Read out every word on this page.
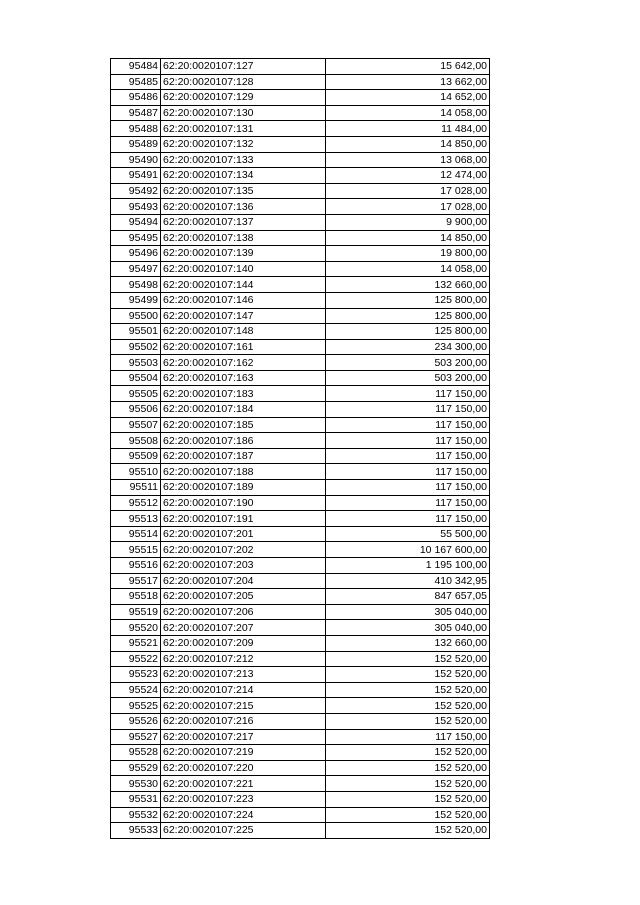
95484	62:20:0020107:127	15 642,00
95485	62:20:0020107:128	13 662,00
95486	62:20:0020107:129	14 652,00
95487	62:20:0020107:130	14 058,00
95488	62:20:0020107:131	11 484,00
95489	62:20:0020107:132	14 850,00
95490	62:20:0020107:133	13 068,00
95491	62:20:0020107:134	12 474,00
95492	62:20:0020107:135	17 028,00
95493	62:20:0020107:136	17 028,00
95494	62:20:0020107:137	9 900,00
95495	62:20:0020107:138	14 850,00
95496	62:20:0020107:139	19 800,00
95497	62:20:0020107:140	14 058,00
95498	62:20:0020107:144	132 660,00
95499	62:20:0020107:146	125 800,00
95500	62:20:0020107:147	125 800,00
95501	62:20:0020107:148	125 800,00
95502	62:20:0020107:161	234 300,00
95503	62:20:0020107:162	503 200,00
95504	62:20:0020107:163	503 200,00
95505	62:20:0020107:183	117 150,00
95506	62:20:0020107:184	117 150,00
95507	62:20:0020107:185	117 150,00
95508	62:20:0020107:186	117 150,00
95509	62:20:0020107:187	117 150,00
95510	62:20:0020107:188	117 150,00
95511	62:20:0020107:189	117 150,00
95512	62:20:0020107:190	117 150,00
95513	62:20:0020107:191	117 150,00
95514	62:20:0020107:201	55 500,00
95515	62:20:0020107:202	10 167 600,00
95516	62:20:0020107:203	1 195 100,00
95517	62:20:0020107:204	410 342,95
95518	62:20:0020107:205	847 657,05
95519	62:20:0020107:206	305 040,00
95520	62:20:0020107:207	305 040,00
95521	62:20:0020107:209	132 660,00
95522	62:20:0020107:212	152 520,00
95523	62:20:0020107:213	152 520,00
95524	62:20:0020107:214	152 520,00
95525	62:20:0020107:215	152 520,00
95526	62:20:0020107:216	152 520,00
95527	62:20:0020107:217	117 150,00
95528	62:20:0020107:219	152 520,00
95529	62:20:0020107:220	152 520,00
95530	62:20:0020107:221	152 520,00
95531	62:20:0020107:223	152 520,00
95532	62:20:0020107:224	152 520,00
95533	62:20:0020107:225	152 520,00
